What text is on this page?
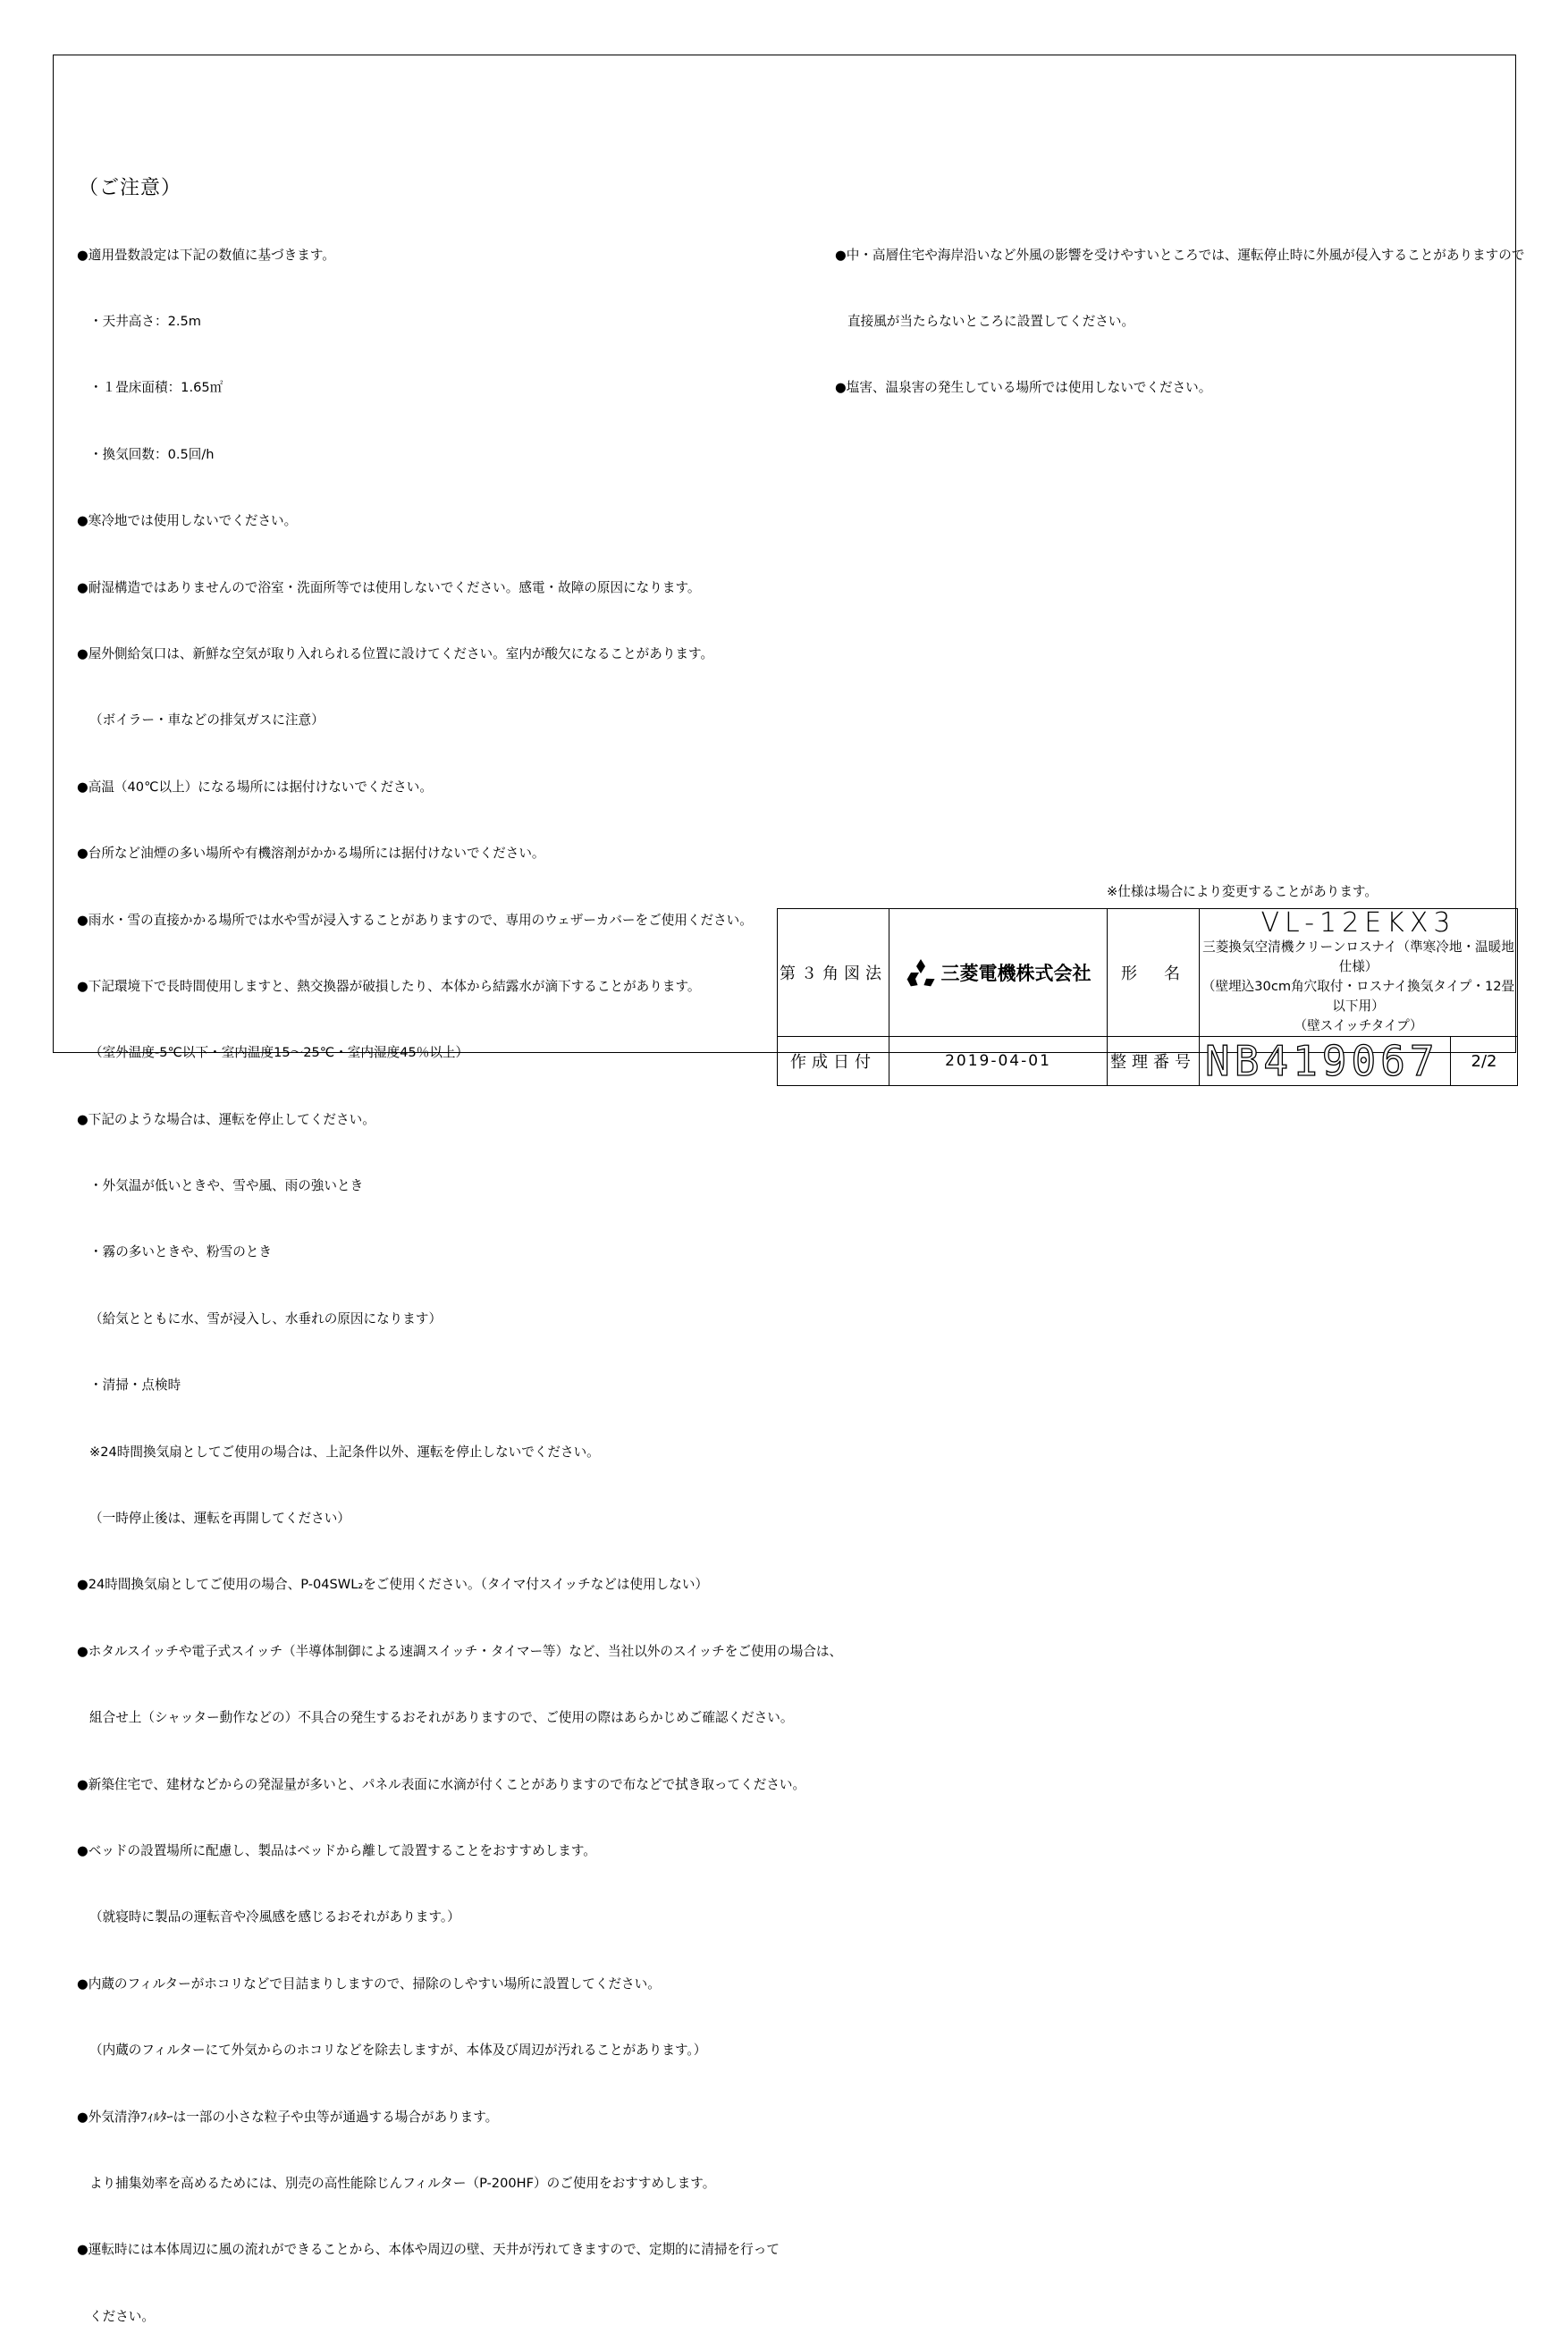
（ご注意）

●適用畳数設定は下記の数値に基づきます。

・天井高さ：2.5m

・１畳床面積：1.65㎡

・換気回数：0.5回/h

●寒冷地では使用しないでください。

●耐湿構造ではありませんので浴室・洗面所等では使用しないでください。感電・故障の原因になります。

●屋外側給気口は、新鮮な空気が取り入れられる位置に設けてください。室内が酸欠になることがあります。

（ボイラー・車などの排気ガスに注意）

●高温（40℃以上）になる場所には据付けないでください。

●台所など油煙の多い場所や有機溶剤がかかる場所には据付けないでください。

●雨水・雪の直接かかる場所では水や雪が浸入することがありますので、専用のウェザーカバーをご使用ください。

●下記環境下で長時間使用しますと、熱交換器が破損したり、本体から結露水が滴下することがあります。

（室外温度-5℃以下・室内温度15～25℃・室内湿度45％以上）

●下記のような場合は、運転を停止してください。

・外気温が低いときや、雪や風、雨の強いとき

・霧の多いときや、粉雪のとき

（給気とともに水、雪が浸入し、水垂れの原因になります）

・清掃・点検時

※24時間換気扇としてご使用の場合は、上記条件以外、運転を停止しないでください。

（一時停止後は、運転を再開してください）

●24時間換気扇としてご使用の場合、P-04SWL₂をご使用ください。（タイマ付スイッチなどは使用しない）

●ホタルスイッチや電子式スイッチ（半導体制御による速調スイッチ・タイマー等）など、当社以外のスイッチをご使用の場合は、

組合せ上（シャッター動作などの）不具合の発生するおそれがありますので、ご使用の際はあらかじめご確認ください。

●新築住宅で、建材などからの発湿量が多いと、パネル表面に水滴が付くことがありますので布などで拭き取ってください。

●ベッドの設置場所に配慮し、製品はベッドから離して設置することをおすすめします。

（就寝時に製品の運転音や冷風感を感じるおそれがあります。）

●内蔵のフィルターがホコリなどで目詰まりしますので、掃除のしやすい場所に設置してください。

（内蔵のフィルターにて外気からのホコリなどを除去しますが、本体及び周辺が汚れることがあります。）

●外気清浄ﾌｨﾙﾀｰは一部の小さな粒子や虫等が通過する場合があります。

より捕集効率を高めるためには、別売の高性能除じんフィルター（P-200HF）のご使用をおすすめします。

●運転時には本体周辺に風の流れができることから、本体や周辺の壁、天井が汚れてきますので、定期的に清掃を行って

ください。

●中・高層住宅や海岸沿いなど外風の影響を受けやすいところでは、運転停止時に外風が侵入することがありますので

直接風が当たらないところに設置してください。

●塩害、温泉害の発生している場所では使用しないでください。

※仕様は場合により変更することがあります。
第３角図法	三菱電機株式会社	形　名	VL-12EKX3
三菱換気空清機クリーンロスナイ（準寒冷地・温暖地仕様）
（壁埋込30cm角穴取付・ロスナイ換気タイプ・12畳以下用）
（壁スイッチタイプ）	

作成日付	2019-04-01	整理番号	NB419067	2/2
